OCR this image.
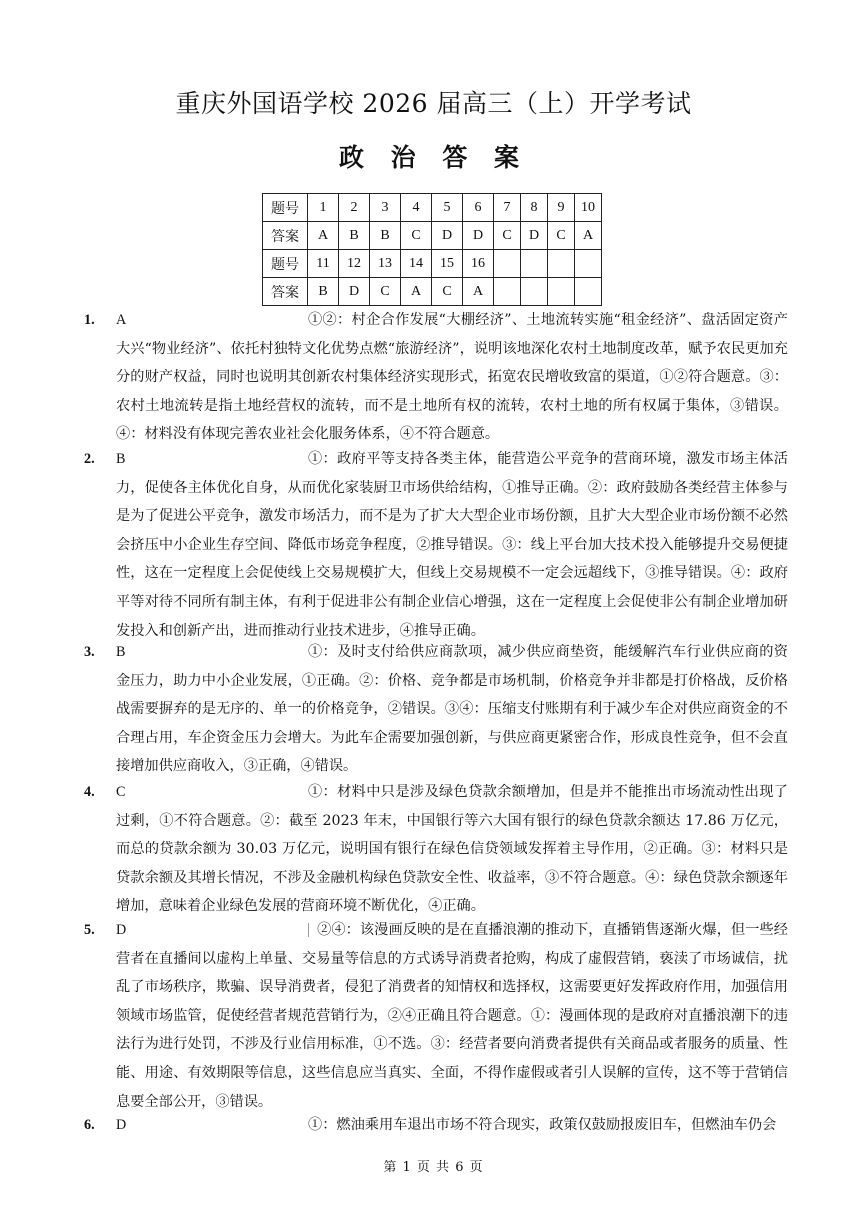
重庆外国语学校 2026 届高三（上）开学考试
政 治 答 案
题号	1	2	3	4	5	6	7	8	9	10
答案	A	B	B	C	D	D	C	D	C	A
题号	11	12	13	14	15	16				
答案	B	D	C	A	C	A				
1. A	①②：村企合作发展“大棚经济”、土地流转实施“租金经济”、盘活固定资产大兴“物业经济”、依托村独特文化优势点燃“旅游经济”，说明该地深化农村土地制度改革，赋予农民更加充分的财产权益，同时也说明其创新农村集体经济实现形式，拓宽农民增收致富的渠道，①②符合题意。③：农村土地流转是指土地经营权的流转，而不是土地所有权的流转，农村土地的所有权属于集体，③错误。④：材料没有体现完善农业社会化服务体系，④不符合题意。

2. B	①：政府平等支持各类主体，能营造公平竞争的营商环境，激发市场主体活力，促使各主体优化自身，从而优化家装厨卫市场供给结构，①推导正确。②：政府鼓励各类经营主体参与是为了促进公平竞争，激发市场活力，而不是为了扩大大型企业市场份额，且扩大大型企业市场份额不必然会挤压中小企业生存空间、降低市场竞争程度，②推导错误。③：线上平台加大技术投入能够提升交易便捷性，这在一定程度上会促使线上交易规模扩大，但线上交易规模不一定会远超线下，③推导错误。④：政府平等对待不同所有制主体，有利于促进非公有制企业信心增强，这在一定程度上会促使非公有制企业增加研发投入和创新产出，进而推动行业技术进步，④推导正确。

3. B	①：及时支付给供应商款项，减少供应商垫资，能缓解汽车行业供应商的资金压力，助力中小企业发展，①正确。②：价格、竞争都是市场机制，价格竞争并非都是打价格战，反价格战需要摒弃的是无序的、单一的价格竞争，②错误。③④：压缩支付账期有利于减少车企对供应商资金的不合理占用，车企资金压力会增大。为此车企需要加强创新，与供应商更紧密合作，形成良性竞争，但不会直接增加供应商收入，③正确，④错误。

4. C	①：材料中只是涉及绿色贷款余额增加，但是并不能推出市场流动性出现了过剩，①不符合题意。②：截至 2023 年末，中国银行等六大国有银行的绿色贷款余额达 17.86 万亿元，而总的贷款余额为 30.03 万亿元，说明国有银行在绿色信贷领域发挥着主导作用，②正确。③：材料只是贷款余额及其增长情况，不涉及金融机构绿色贷款安全性、收益率，③不符合题意。④：绿色贷款余额逐年增加，意味着企业绿色发展的营商环境不断优化，④正确。

5. D	②④：该漫画反映的是在直播浪潮的推动下，直播销售逐渐火爆，但一些经营者在直播间以虚构上单量、交易量等信息的方式诱导消费者抢购，构成了虚假营销，亵渎了市场诚信，扰乱了市场秩序，欺骗、误导消费者，侵犯了消费者的知情权和选择权，这需要更好发挥政府作用，加强信用领域市场监管，促使经营者规范营销行为，②④正确且符合题意。①：漫画体现的是政府对直播浪潮下的违法行为进行处罚，不涉及行业信用标准，①不选。③：经营者要向消费者提供有关商品或者服务的质量、性能、用途、有效期限等信息，这些信息应当真实、全面，不得作虚假或者引人误解的宣传，这不等于营销信息要全部公开，③错误。

6. D	①：燃油乘用车退出市场不符合现实，政策仅鼓励报废旧车，但燃油车仍会

第 1 页 共 6 页
